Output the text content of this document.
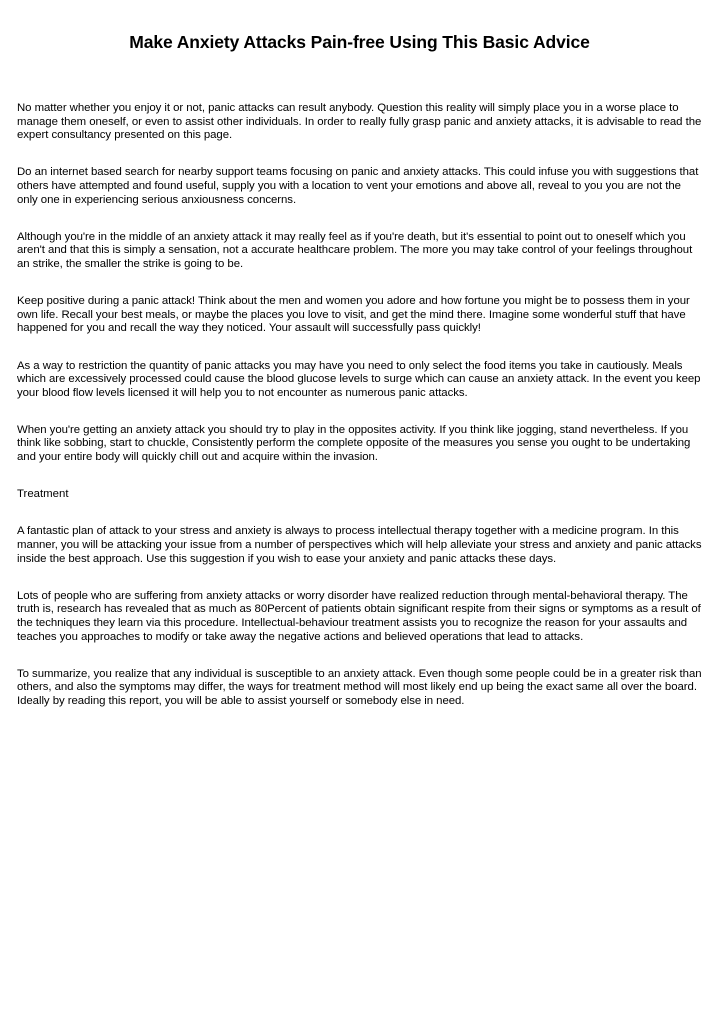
Make Anxiety Attacks Pain-free Using This Basic Advice

No matter whether you enjoy it or not, panic attacks can result anybody. Question this reality will simply place you in a worse place to manage them oneself, or even to assist other individuals. In order to really fully grasp panic and anxiety attacks, it is advisable to read the expert consultancy presented on this page.

Do an internet based search for nearby support teams focusing on panic and anxiety attacks. This could infuse you with suggestions that others have attempted and found useful, supply you with a location to vent your emotions and above all, reveal to you you are not the only one in experiencing serious anxiousness concerns.

Although you're in the middle of an anxiety attack it may really feel as if you're death, but it's essential to point out to oneself which you aren't and that this is simply a sensation, not a accurate healthcare problem. The more you may take control of your feelings throughout an strike, the smaller the strike is going to be.

Keep positive during a panic attack! Think about the men and women you adore and how fortune you might be to possess them in your own life. Recall your best meals, or maybe the places you love to visit, and get the mind there. Imagine some wonderful stuff that have happened for you and recall the way they noticed. Your assault will successfully pass quickly!

As a way to restriction the quantity of panic attacks you may have you need to only select the food items you take in cautiously. Meals which are excessively processed could cause the blood glucose levels to surge which can cause an anxiety attack. In the event you keep your blood flow levels licensed it will help you to not encounter as numerous panic attacks.

When you're getting an anxiety attack you should try to play in the opposites activity. If you think like jogging, stand nevertheless. If you think like sobbing, start to chuckle, Consistently perform the complete opposite of the measures you sense you ought to be undertaking and your entire body will quickly chill out and acquire within the invasion.

Treatment

A fantastic plan of attack to your stress and anxiety is always to process intellectual therapy together with a medicine program. In this manner, you will be attacking your issue from a number of perspectives which will help alleviate your stress and anxiety and panic attacks inside the best approach. Use this suggestion if you wish to ease your anxiety and panic attacks these days.

Lots of people who are suffering from anxiety attacks or worry disorder have realized reduction through mental-behavioral therapy. The truth is, research has revealed that as much as 80Percent of patients obtain significant respite from their signs or symptoms as a result of the techniques they learn via this procedure. Intellectual-behaviour treatment assists you to recognize the reason for your assaults and teaches you approaches to modify or take away the negative actions and believed operations that lead to attacks.

To summarize, you realize that any individual is susceptible to an anxiety attack. Even though some people could be in a greater risk than others, and also the symptoms may differ, the ways for treatment method will most likely end up being the exact same all over the board. Ideally by reading this report, you will be able to assist yourself or somebody else in need.
